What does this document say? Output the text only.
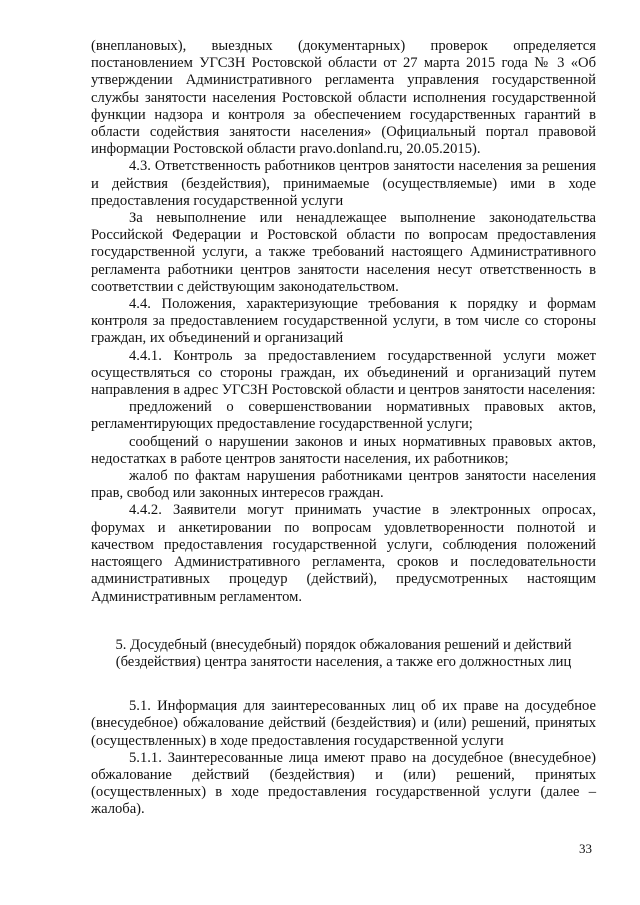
(внеплановых), выездных (документарных) проверок определяется постановлением УГСЗН Ростовской области от 27 марта 2015 года № 3 «Об утверждении Административного регламента управления государственной службы занятости населения Ростовской области исполнения государственной функции надзора и контроля за обеспечением государственных гарантий в области содействия занятости населения» (Официальный портал правовой информации Ростовской области pravo.donland.ru, 20.05.2015).

4.3. Ответственность работников центров занятости населения за решения и действия (бездействия), принимаемые (осуществляемые) ими в ходе предоставления государственной услуги

За невыполнение или ненадлежащее выполнение законодательства Российской Федерации и Ростовской области по вопросам предоставления государственной услуги, а также требований настоящего Административного регламента работники центров занятости населения несут ответственность в соответствии с действующим законодательством.

4.4. Положения, характеризующие требования к порядку и формам контроля за предоставлением государственной услуги, в том числе со стороны граждан, их объединений и организаций

4.4.1. Контроль за предоставлением государственной услуги может осуществляться со стороны граждан, их объединений и организаций путем направления в адрес УГСЗН Ростовской области и центров занятости населения:

предложений о совершенствовании нормативных правовых актов, регламентирующих предоставление государственной услуги;

сообщений о нарушении законов и иных нормативных правовых актов, недостатках в работе центров занятости населения, их работников;

жалоб по фактам нарушения работниками центров занятости населения прав, свобод или законных интересов граждан.

4.4.2. Заявители могут принимать участие в электронных опросах, форумах и анкетировании по вопросам удовлетворенности полнотой и качеством предоставления государственной услуги, соблюдения положений настоящего Административного регламента, сроков и последовательности административных процедур (действий), предусмотренных настоящим Административным регламентом.

5. Досудебный (внесудебный) порядок обжалования решений и действий (бездействия) центра занятости населения, а также его должностных лиц

5.1. Информация для заинтересованных лиц об их праве на досудебное (внесудебное) обжалование действий (бездействия) и (или) решений, принятых (осуществленных) в ходе предоставления государственной услуги

5.1.1. Заинтересованные лица имеют право на досудебное (внесудебное) обжалование действий (бездействия) и (или) решений, принятых (осуществленных) в ходе предоставления государственной услуги (далее – жалоба).

33
